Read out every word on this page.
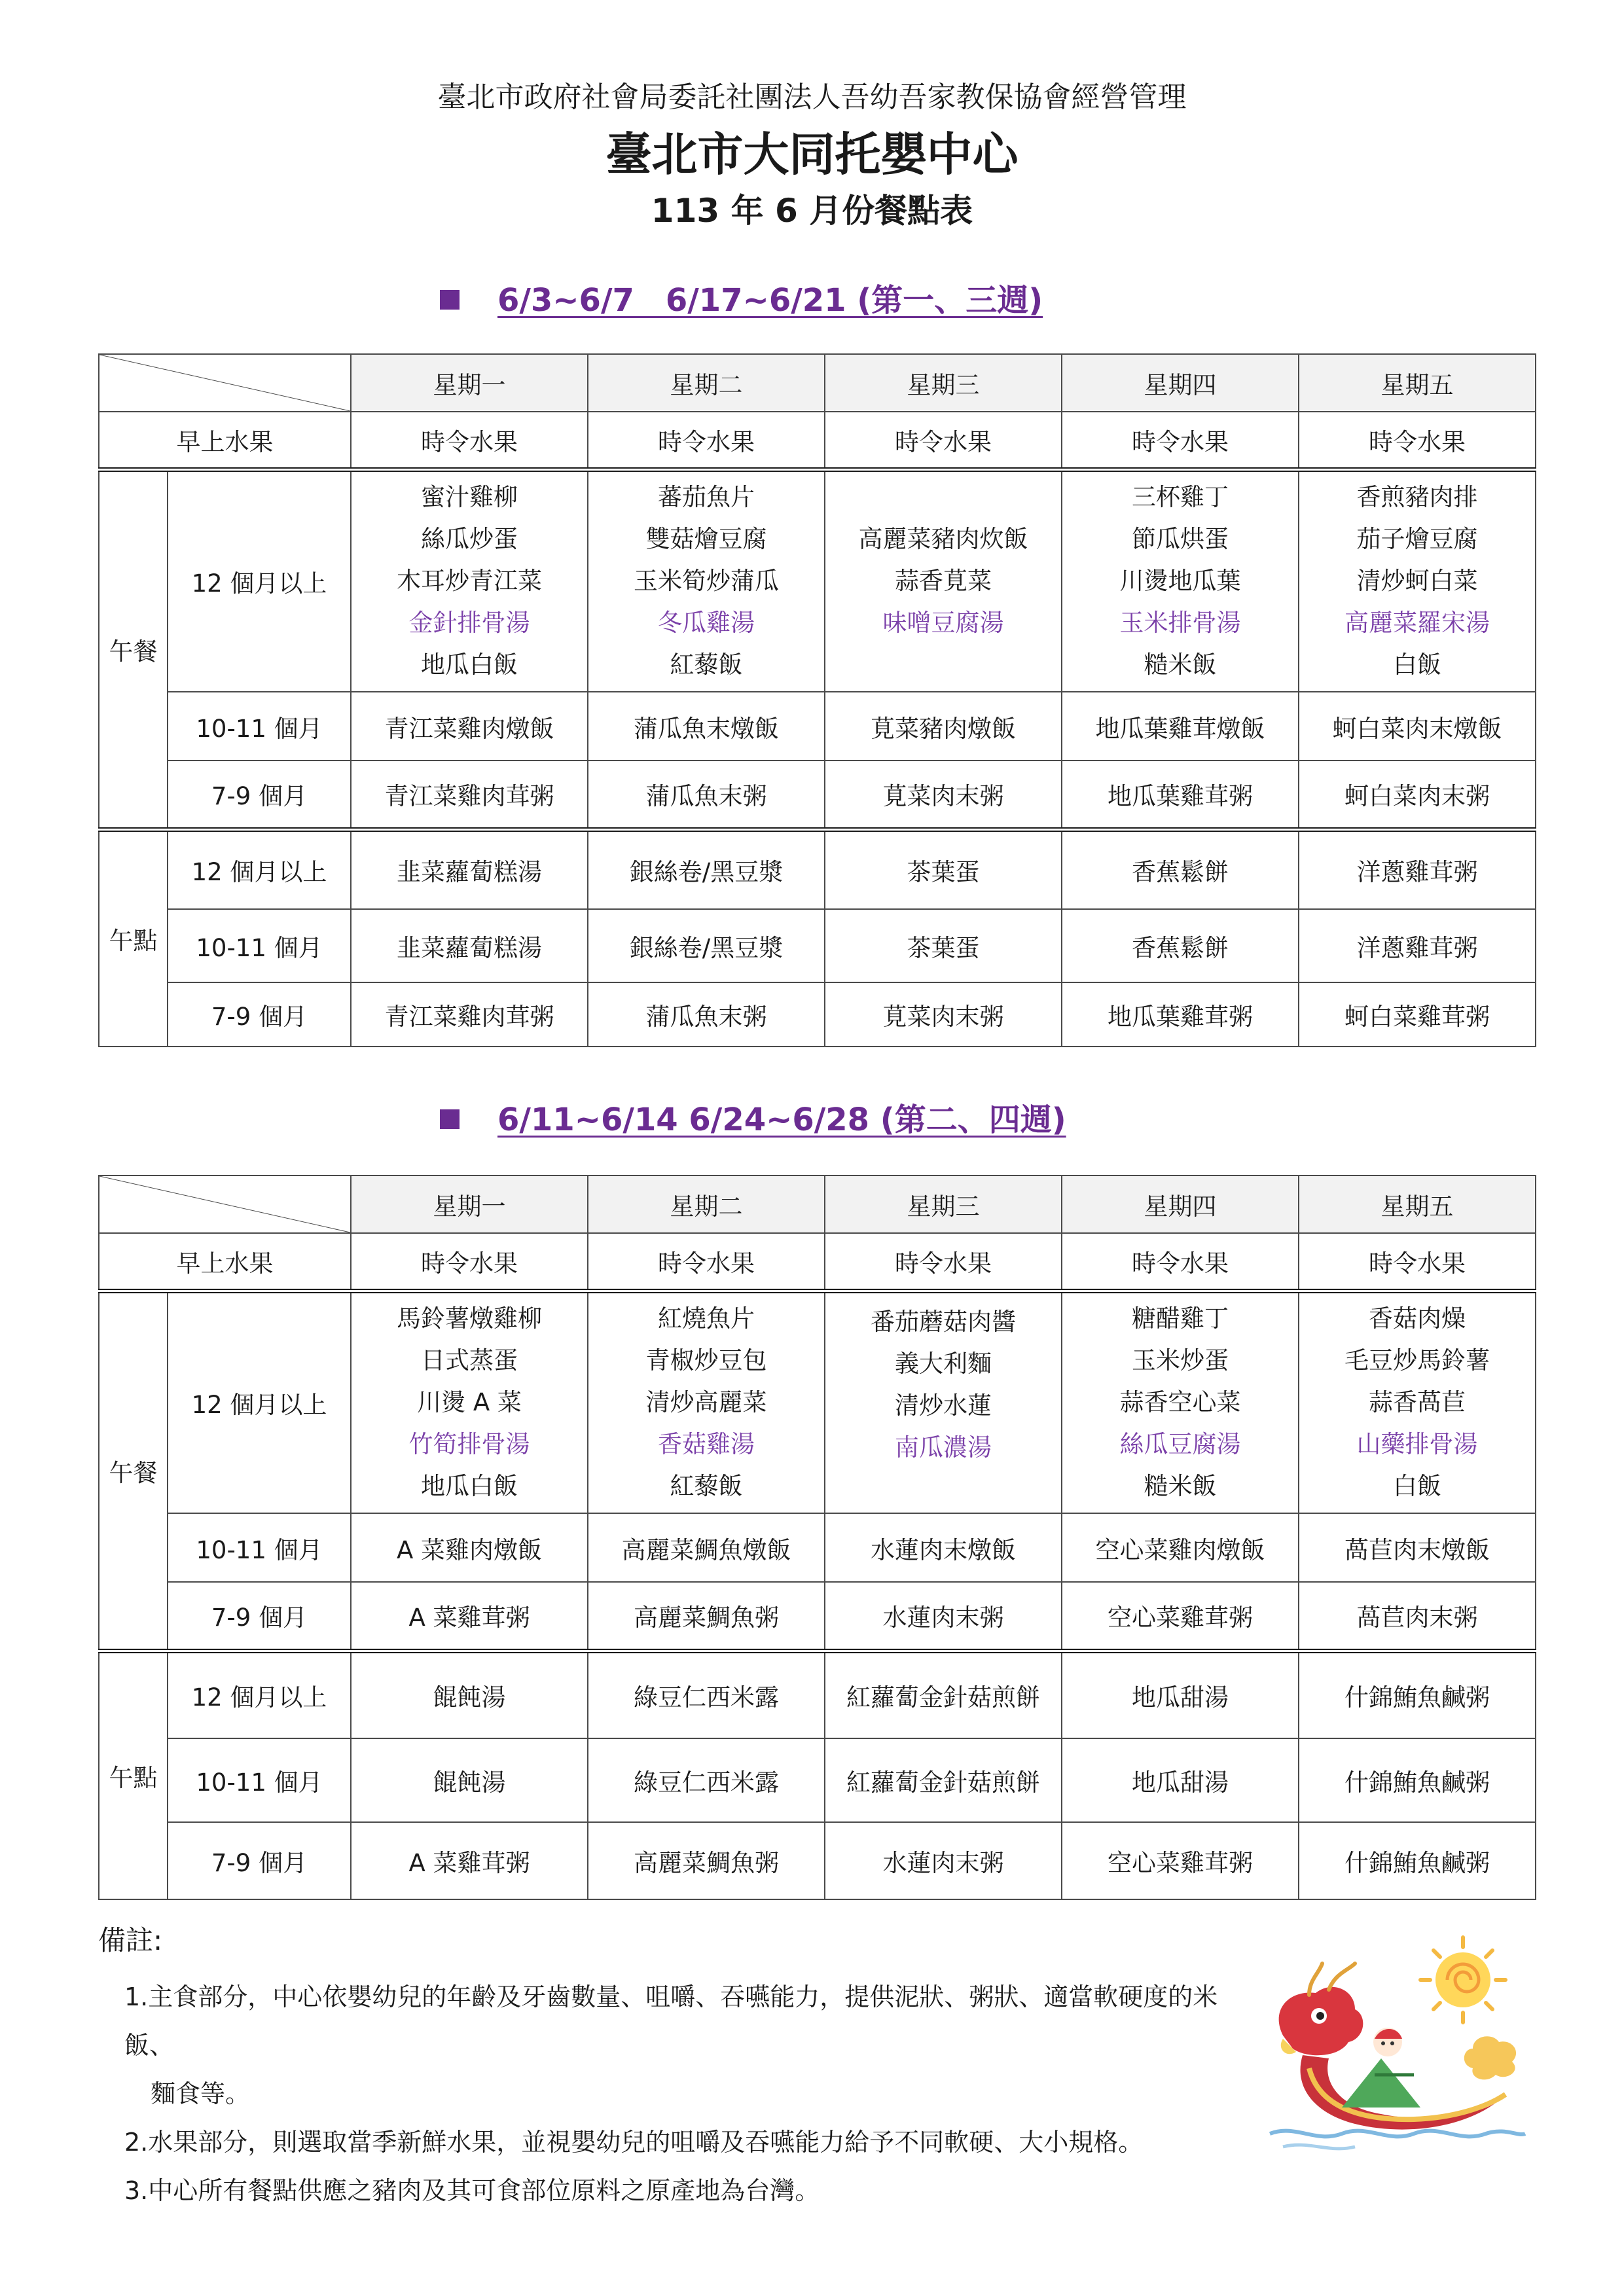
臺北市政府社會局委託社團法人吾幼吾家教保協會經營管理
臺北市大同托嬰中心
113 年 6 月份餐點表
6/3~6/7　6/17~6/21 (第一、三週)
	星期一	星期二	星期三	星期四	星期五
早上水果		時令水果	時令水果	時令水果	時令水果	時令水果
午餐	12 個月以上	蜜汁雞柳
絲瓜炒蛋
木耳炒青江菜
金針排骨湯
地瓜白飯	蕃茄魚片
雙菇燴豆腐
玉米筍炒蒲瓜
冬瓜雞湯
紅藜飯	高麗菜豬肉炊飯
蒜香莧菜
味噌豆腐湯	三杯雞丁
節瓜烘蛋
川燙地瓜葉
玉米排骨湯
糙米飯	香煎豬肉排
茄子燴豆腐
清炒蚵白菜
高麗菜羅宋湯
白飯

	10-11 個月	青江菜雞肉燉飯	蒲瓜魚末燉飯	莧菜豬肉燉飯	地瓜葉雞茸燉飯	蚵白菜肉末燉飯
	7-9 個月	青江菜雞肉茸粥	蒲瓜魚末粥	莧菜肉末粥	地瓜葉雞茸粥	蚵白菜肉末粥
午點	12 個月以上	韭菜蘿蔔糕湯	銀絲卷/黑豆漿	茶葉蛋	香蕉鬆餅	洋蔥雞茸粥
	10-11 個月	韭菜蘿蔔糕湯	銀絲卷/黑豆漿	茶葉蛋	香蕉鬆餅	洋蔥雞茸粥
	7-9 個月	青江菜雞肉茸粥	蒲瓜魚末粥	莧菜肉末粥	地瓜葉雞茸粥	蚵白菜雞茸粥
6/11~6/14 6/24~6/28 (第二、四週)
	星期一	星期二	星期三	星期四	星期五
早上水果		時令水果	時令水果	時令水果	時令水果	時令水果
午餐	12 個月以上	馬鈴薯燉雞柳
日式蒸蛋
川燙 A 菜
竹筍排骨湯
地瓜白飯	紅燒魚片
青椒炒豆包
清炒高麗菜
香菇雞湯
紅藜飯	番茄蘑菇肉醬
義大利麵
清炒水蓮
南瓜濃湯	糖醋雞丁
玉米炒蛋
蒜香空心菜
絲瓜豆腐湯
糙米飯	香菇肉燥
毛豆炒馬鈴薯
蒜香萵苣
山藥排骨湯
白飯

	10-11 個月	A 菜雞肉燉飯	高麗菜鯛魚燉飯	水蓮肉末燉飯	空心菜雞肉燉飯	萵苣肉末燉飯
	7-9 個月	A 菜雞茸粥	高麗菜鯛魚粥	水蓮肉末粥	空心菜雞茸粥	萵苣肉末粥
午點	12 個月以上	餛飩湯	綠豆仁西米露	紅蘿蔔金針菇煎餅	地瓜甜湯	什錦鮪魚鹹粥
	10-11 個月	餛飩湯	綠豆仁西米露	紅蘿蔔金針菇煎餅	地瓜甜湯	什錦鮪魚鹹粥
	7-9 個月	A 菜雞茸粥	高麗菜鯛魚粥	水蓮肉末粥	空心菜雞茸粥	什錦鮪魚鹹粥
備註:
1.主食部分，中心依嬰幼兒的年齡及牙齒數量、咀嚼、吞嚥能力，提供泥狀、粥狀、適當軟硬度的米飯、
麵食等。
2.水果部分，則選取當季新鮮水果，並視嬰幼兒的咀嚼及吞嚥能力給予不同軟硬、大小規格。
3.中心所有餐點供應之豬肉及其可食部位原料之原產地為台灣。
